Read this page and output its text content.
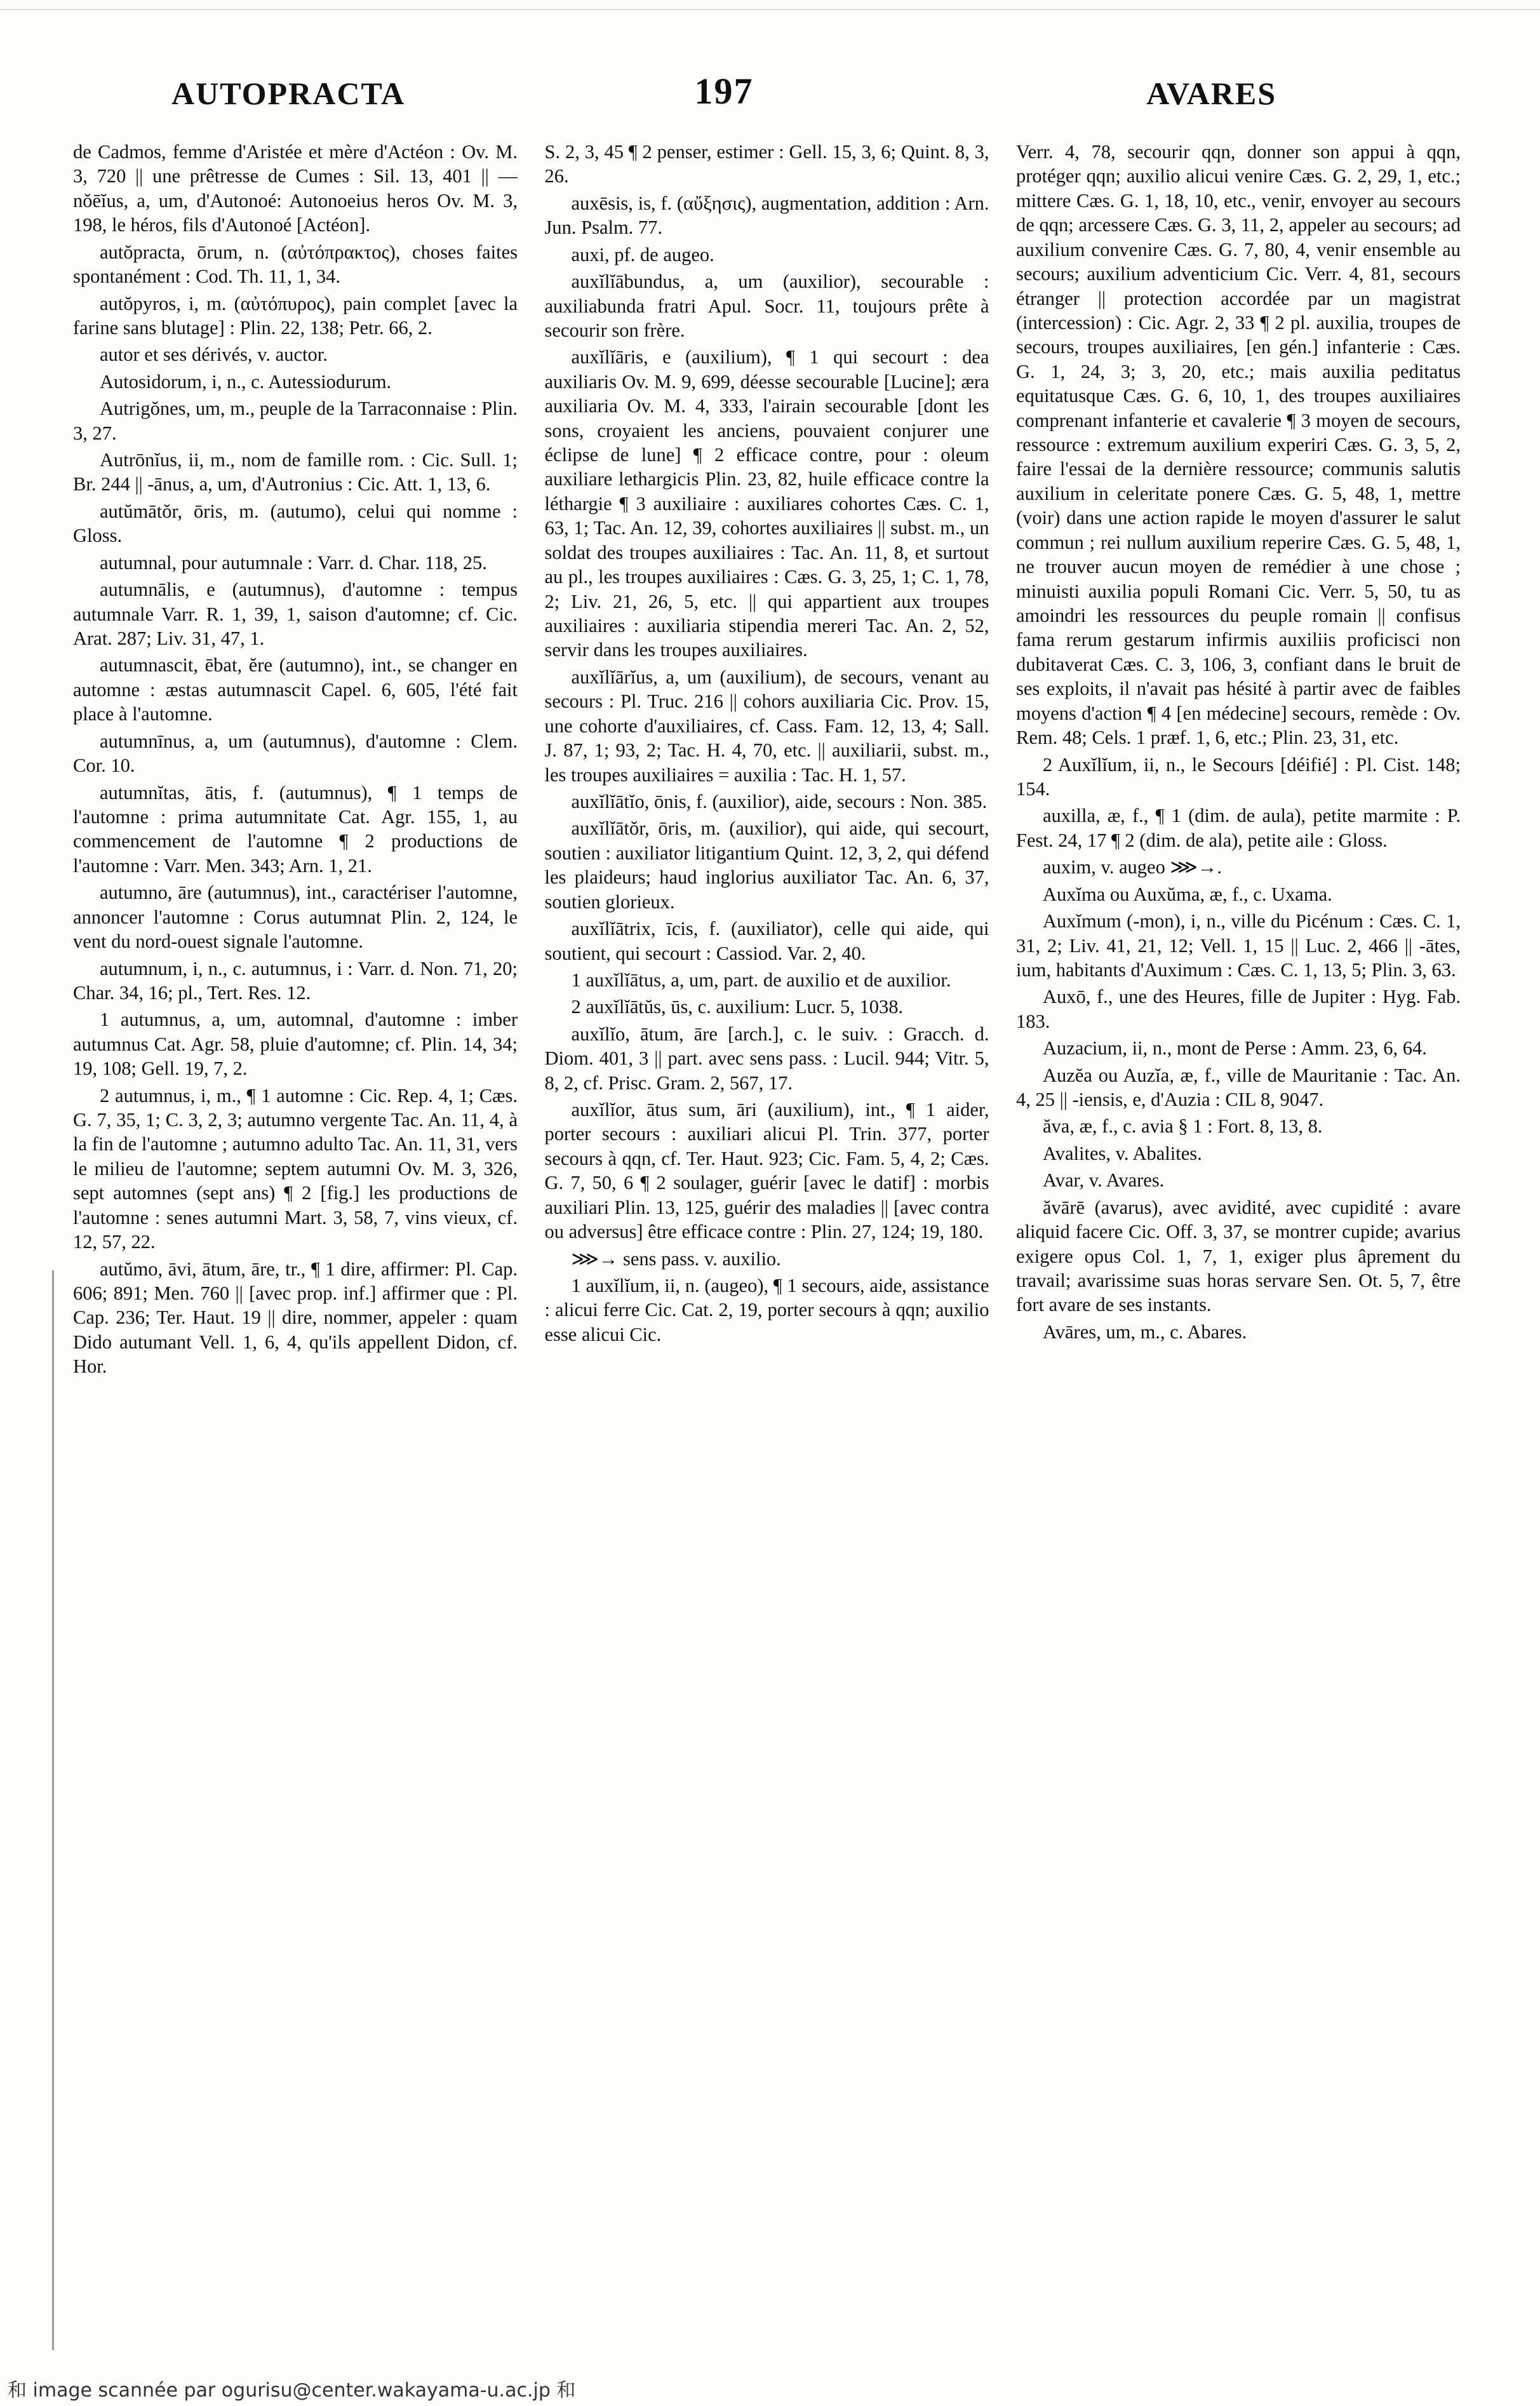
AUTOPRACTA	197	AVARES

de Cadmos, femme d'Aristée et mère d'Actéon : Ov. M. 3, 720 || une prêtresse de Cumes : Sil. 13, 401 || — nŏēĭus, a, um, d'Autonoé: Autonoeius heros Ov. M. 3, 198, le héros, fils d'Autonoé [Actéon].

autŏpracta, ōrum, n. (αὐτόπρακτος), choses faites spontanément : Cod. Th. 11, 1, 34.

autŏpyros, i, m. (αὐτόπυρος), pain complet [avec la farine sans blutage] : Plin. 22, 138; Petr. 66, 2.

autor et ses dérivés, v. auctor.

Autosidorum, i, n., c. Autessiodurum.

Autrigŏnes, um, m., peuple de la Tarraconnaise : Plin. 3, 27.

Autrōnĭus, ii, m., nom de famille rom. : Cic. Sull. 1; Br. 244 || -ānus, a, um, d'Autronius : Cic. Att. 1, 13, 6.

autŭmātŏr, ōris, m. (autumo), celui qui nomme : Gloss.

autumnal, pour autumnale : Varr. d. Char. 118, 25.

autumnālis, e (autumnus), d'automne : tempus autumnale Varr. R. 1, 39, 1, saison d'automne; cf. Cic. Arat. 287; Liv. 31, 47, 1.

autumnascit, ēbat, ĕre (autumno), int., se changer en automne : æstas autumnascit Capel. 6, 605, l'été fait place à l'automne.

autumnīnus, a, um (autumnus), d'automne : Clem. Cor. 10.

autumnĭtas, ātis, f. (autumnus), ¶ 1 temps de l'automne : prima autumnitate Cat. Agr. 155, 1, au commencement de l'automne ¶ 2 productions de l'automne : Varr. Men. 343; Arn. 1, 21.

autumno, āre (autumnus), int., caractériser l'automne, annoncer l'automne : Corus autumnat Plin. 2, 124, le vent du nord-ouest signale l'automne.

autumnum, i, n., c. autumnus, i : Varr. d. Non. 71, 20; Char. 34, 16; pl., Tert. Res. 12.

1 autumnus, a, um, automnal, d'automne : imber autumnus Cat. Agr. 58, pluie d'automne; cf. Plin. 14, 34; 19, 108; Gell. 19, 7, 2.

2 autumnus, i, m., ¶ 1 automne : Cic. Rep. 4, 1; Cæs. G. 7, 35, 1; C. 3, 2, 3; autumno vergente Tac. An. 11, 4, à la fin de l'automne ; autumno adulto Tac. An. 11, 31, vers le milieu de l'automne; septem autumni Ov. M. 3, 326, sept automnes (sept ans) ¶ 2 [fig.] les productions de l'automne : senes autumni Mart. 3, 58, 7, vins vieux, cf. 12, 57, 22.

autŭmo, āvi, ātum, āre, tr., ¶ 1 dire, affirmer: Pl. Cap. 606; 891; Men. 760 || [avec prop. inf.] affirmer que : Pl. Cap. 236; Ter. Haut. 19 || dire, nommer, appeler : quam Dido autumant Vell. 1, 6, 4, qu'ils appellent Didon, cf. Hor.

S. 2, 3, 45 ¶ 2 penser, estimer : Gell. 15, 3, 6; Quint. 8, 3, 26.

auxēsis, is, f. (αὔξησις), augmentation, addition : Arn. Jun. Psalm. 77.

auxi, pf. de augeo.

auxĭlĭābundus, a, um (auxilior), secourable : auxiliabunda fratri Apul. Socr. 11, toujours prête à secourir son frère.

auxĭlĭāris, e (auxilium), ¶ 1 qui secourt : dea auxiliaris Ov. M. 9, 699, déesse secourable [Lucine]; æra auxiliaria Ov. M. 4, 333, l'airain secourable [dont les sons, croyaient les anciens, pouvaient conjurer une éclipse de lune] ¶ 2 efficace contre, pour : oleum auxiliare lethargicis Plin. 23, 82, huile efficace contre la léthargie ¶ 3 auxiliaire : auxiliares cohortes Cæs. C. 1, 63, 1; Tac. An. 12, 39, cohortes auxiliaires || subst. m., un soldat des troupes auxiliaires : Tac. An. 11, 8, et surtout au pl., les troupes auxiliaires : Cæs. G. 3, 25, 1; C. 1, 78, 2; Liv. 21, 26, 5, etc. || qui appartient aux troupes auxiliaires : auxiliaria stipendia mereri Tac. An. 2, 52, servir dans les troupes auxiliaires.

auxĭlĭārĭus, a, um (auxilium), de secours, venant au secours : Pl. Truc. 216 || cohors auxiliaria Cic. Prov. 15, une cohorte d'auxiliaires, cf. Cass. Fam. 12, 13, 4; Sall. J. 87, 1; 93, 2; Tac. H. 4, 70, etc. || auxiliarii, subst. m., les troupes auxiliaires = auxilia : Tac. H. 1, 57.

auxĭlĭātĭo, ōnis, f. (auxilior), aide, secours : Non. 385.

auxĭlĭātŏr, ōris, m. (auxilior), qui aide, qui secourt, soutien : auxiliator litigantium Quint. 12, 3, 2, qui défend les plaideurs; haud inglorius auxiliator Tac. An. 6, 37, soutien glorieux.

auxĭlĭātrix, īcis, f. (auxiliator), celle qui aide, qui soutient, qui secourt : Cassiod. Var. 2, 40.

1 auxĭlĭātus, a, um, part. de auxilio et de auxilior.

2 auxĭlĭātŭs, ūs, c. auxilium: Lucr. 5, 1038.

auxĭlĭo, ātum, āre [arch.], c. le suiv. : Gracch. d. Diom. 401, 3 || part. avec sens pass. : Lucil. 944; Vitr. 5, 8, 2, cf. Prisc. Gram. 2, 567, 17.

auxĭlĭor, ātus sum, āri (auxilium), int., ¶ 1 aider, porter secours : auxiliari alicui Pl. Trin. 377, porter secours à qqn, cf. Ter. Haut. 923; Cic. Fam. 5, 4, 2; Cæs. G. 7, 50, 6 ¶ 2 soulager, guérir [avec le datif] : morbis auxiliari Plin. 13, 125, guérir des maladies || [avec contra ou adversus] être efficace contre : Plin. 27, 124; 19, 180.

⋙→ sens pass. v. auxilio.

1 auxĭlĭum, ii, n. (augeo), ¶ 1 secours, aide, assistance : alicui ferre Cic. Cat. 2, 19, porter secours à qqn; auxilio esse alicui Cic.

Verr. 4, 78, secourir qqn, donner son appui à qqn, protéger qqn; auxilio alicui venire Cæs. G. 2, 29, 1, etc.; mittere Cæs. G. 1, 18, 10, etc., venir, envoyer au secours de qqn; arcessere Cæs. G. 3, 11, 2, appeler au secours; ad auxilium convenire Cæs. G. 7, 80, 4, venir ensemble au secours; auxilium adventicium Cic. Verr. 4, 81, secours étranger || protection accordée par un magistrat (intercession) : Cic. Agr. 2, 33 ¶ 2 pl. auxilia, troupes de secours, troupes auxiliaires, [en gén.] infanterie : Cæs. G. 1, 24, 3; 3, 20, etc.; mais auxilia peditatus equitatusque Cæs. G. 6, 10, 1, des troupes auxiliaires comprenant infanterie et cavalerie ¶ 3 moyen de secours, ressource : extremum auxilium experiri Cæs. G. 3, 5, 2, faire l'essai de la dernière ressource; communis salutis auxilium in celeritate ponere Cæs. G. 5, 48, 1, mettre (voir) dans une action rapide le moyen d'assurer le salut commun ; rei nullum auxilium reperire Cæs. G. 5, 48, 1, ne trouver aucun moyen de remédier à une chose ; minuisti auxilia populi Romani Cic. Verr. 5, 50, tu as amoindri les ressources du peuple romain || confisus fama rerum gestarum infirmis auxiliis proficisci non dubitaverat Cæs. C. 3, 106, 3, confiant dans le bruit de ses exploits, il n'avait pas hésité à partir avec de faibles moyens d'action ¶ 4 [en médecine] secours, remède : Ov. Rem. 48; Cels. 1 præf. 1, 6, etc.; Plin. 23, 31, etc.

2 Auxĭlĭum, ii, n., le Secours [déifié] : Pl. Cist. 148; 154.

auxilla, æ, f., ¶ 1 (dim. de aula), petite marmite : P. Fest. 24, 17 ¶ 2 (dim. de ala), petite aile : Gloss.

auxim, v. augeo ⋙→.

Auxĭma ou Auxŭma, æ, f., c. Uxama.

Auxĭmum (-mon), i, n., ville du Picénum : Cæs. C. 1, 31, 2; Liv. 41, 21, 12; Vell. 1, 15 || Luc. 2, 466 || -ātes, ium, habitants d'Auximum : Cæs. C. 1, 13, 5; Plin. 3, 63.

Auxō, f., une des Heures, fille de Jupiter : Hyg. Fab. 183.

Auzacium, ii, n., mont de Perse : Amm. 23, 6, 64.

Auzĕa ou Auzĭa, æ, f., ville de Mauritanie : Tac. An. 4, 25 || -iensis, e, d'Auzia : CIL 8, 9047.

ăva, æ, f., c. avia § 1 : Fort. 8, 13, 8.

Avalites, v. Abalites.

Avar, v. Avares.

ăvārē (avarus), avec avidité, avec cupidité : avare aliquid facere Cic. Off. 3, 37, se montrer cupide; avarius exigere opus Col. 1, 7, 1, exiger plus âprement du travail; avarissime suas horas servare Sen. Ot. 5, 7, être fort avare de ses instants.

Avāres, um, m., c. Abares.

和 image scannée par ogurisu@center.wakayama-u.ac.jp 和
